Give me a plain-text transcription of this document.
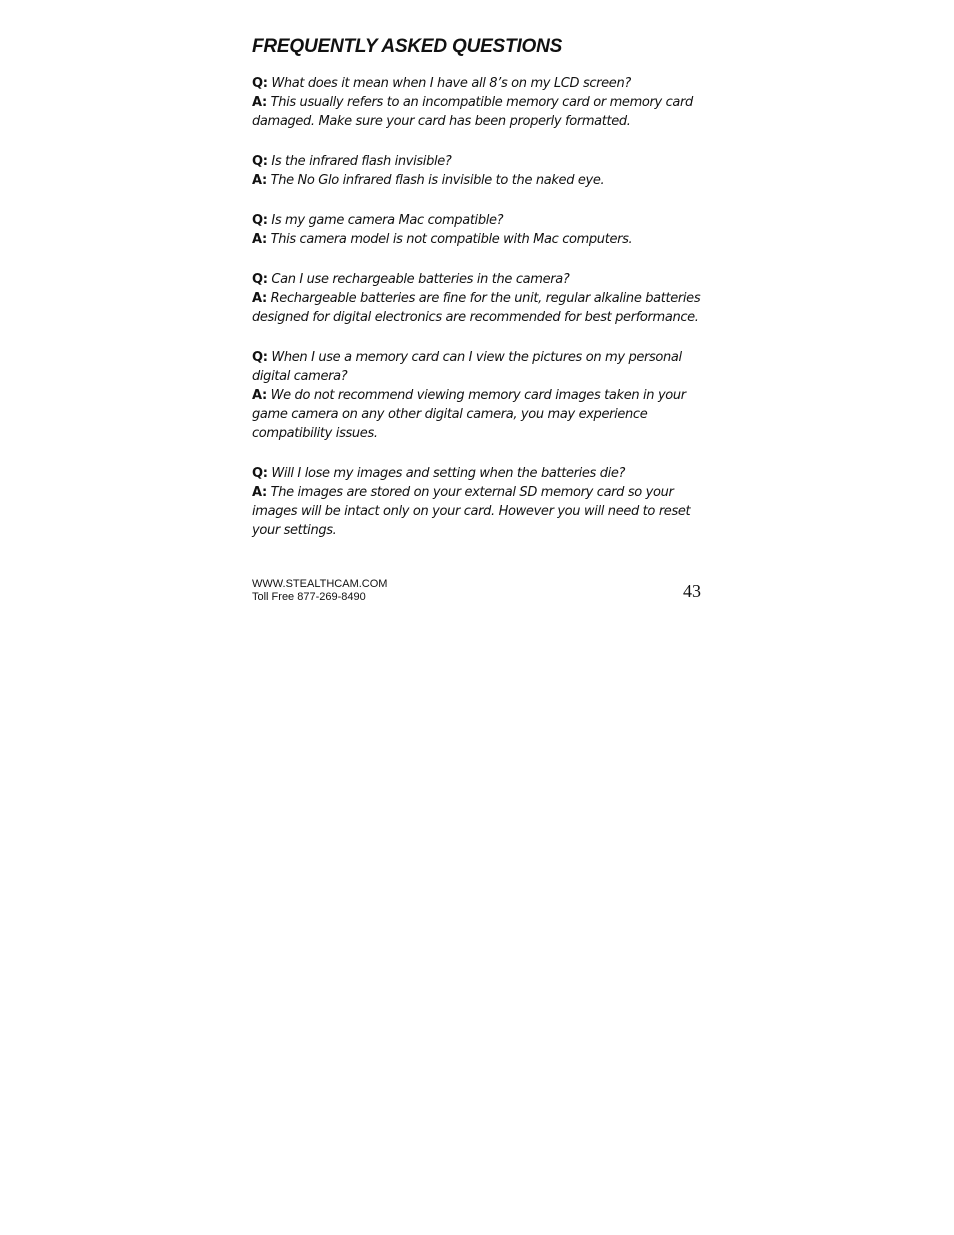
FREQUENTLY ASKED QUESTIONS

Q: What does it mean when I have all 8’s on my LCD screen?

A: This usually refers to an incompatible memory card or memory card damaged. Make sure your card has been properly formatted.

Q: Is the infrared flash invisible?

A: The No Glo infrared flash is invisible to the naked eye.

Q: Is my game camera Mac compatible?

A: This camera model is not compatible with Mac computers.

Q: Can I use rechargeable batteries in the camera?

A: Rechargeable batteries are fine for the unit, regular alkaline batteries designed for digital electronics are recommended for best performance.

Q: When I use a memory card can I view the pictures on my personal digital camera?

A: We do not recommend viewing memory card images taken in your game camera on any other digital camera, you may experience compatibility issues.

Q: Will I lose my images and setting when the batteries die?

A: The images are stored on your external SD memory card so your images will be intact only on your card. However you will need to reset your settings.

WWW.STEALTHCAM.COM
Toll Free 877-269-8490	43
